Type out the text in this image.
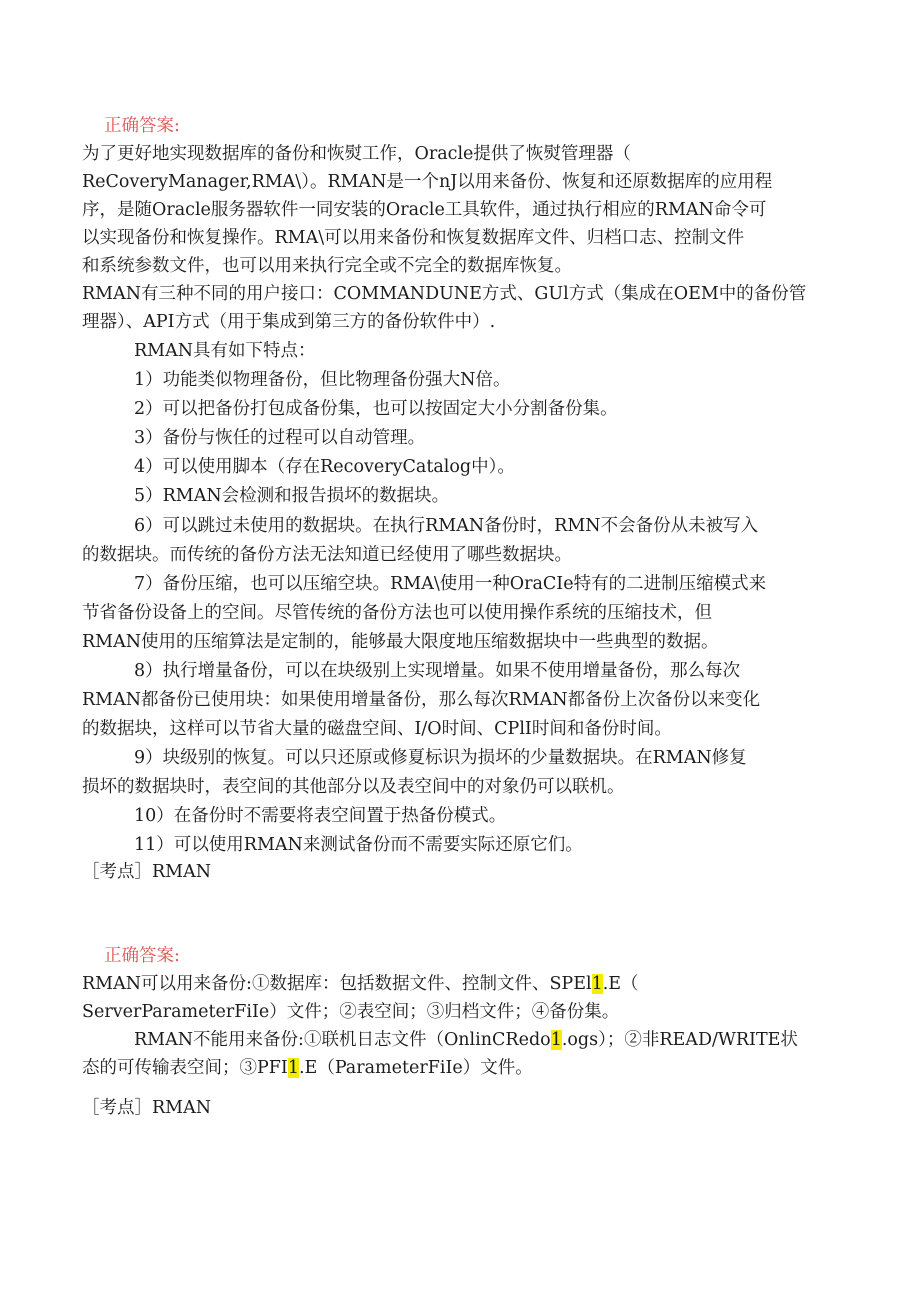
正确答案:
为了更好地实现数据库的备份和恢熨工作，Oracle提供了恢熨管理器（
ReCoveryManager,RMA\）。RMAN是一个nJ以用来备份、恢复和还原数据库的应用程
序，是随Oracle服务器软件一同安装的Oracle工具软件，通过执行相应的RMAN命令可
以实现备份和恢复操作。RMA\可以用来备份和恢复数据库文件、归档口志、控制文件
和系统参数文件，也可以用来执行完全或不完全的数据库恢复。
RMAN有三种不同的用户接口：COMMANDUNE方式、GUl方式（集成在OEM中的备份管
理器）、API方式（用于集成到第三方的备份软件中）.
RMAN具有如下特点：
1）功能类似物理备份，但比物理备份强大N倍。
2）可以把备份打包成备份集，也可以按固定大小分割备份集。
3）备份与恢任的过程可以自动管理。
4）可以使用脚本（存在RecoveryCatalog中）。
5）RMAN会检测和报告损坏的数据块。
6）可以跳过未使用的数据块。在执行RMAN备份时，RMN不会备份从未被写入
的数据块。而传统的备份方法无法知道已经使用了哪些数据块。
7）备份压缩，也可以压缩空块。RMA\使用一种OraCIe特有的二进制压缩模式来
节省备份设备上的空间。尽管传统的备份方法也可以使用操作系统的压缩技术，但
RMAN使用的压缩算法是定制的，能够最大限度地压缩数据块中一些典型的数据。
8）执行增量备份，可以在块级别上实现增量。如果不使用增量备份，那么每次
RMAN都备份已使用块：如果使用增量备份，那么每次RMAN都备份上次备份以来变化
的数据块，这样可以节省大量的磁盘空间、I/O时间、CPlI时间和备份时间。
9）块级别的恢复。可以只还原或修夏标识为损坏的少量数据块。在RMAN修复
损坏的数据块时，表空间的其他部分以及表空间中的对象仍可以联机。
10）在备份时不需要将表空间置于热备份模式。
11）可以使用RMAN来测试备份而不需要实际还原它们。
［考点］RMAN
正确答案:
RMAN可以用来备份:①数据库：包括数据文件、控制文件、SPEl1.E（
ServerParameterFiIe）文件；②表空间；③归档文件；④备份集。
RMAN不能用来备份:①联机日志文件（OnlinCRedo1.ogs）；②非READ/WRITE状
态的可传输表空间；③PFI1.E（ParameterFiIe）文件。
［考点］RMAN
